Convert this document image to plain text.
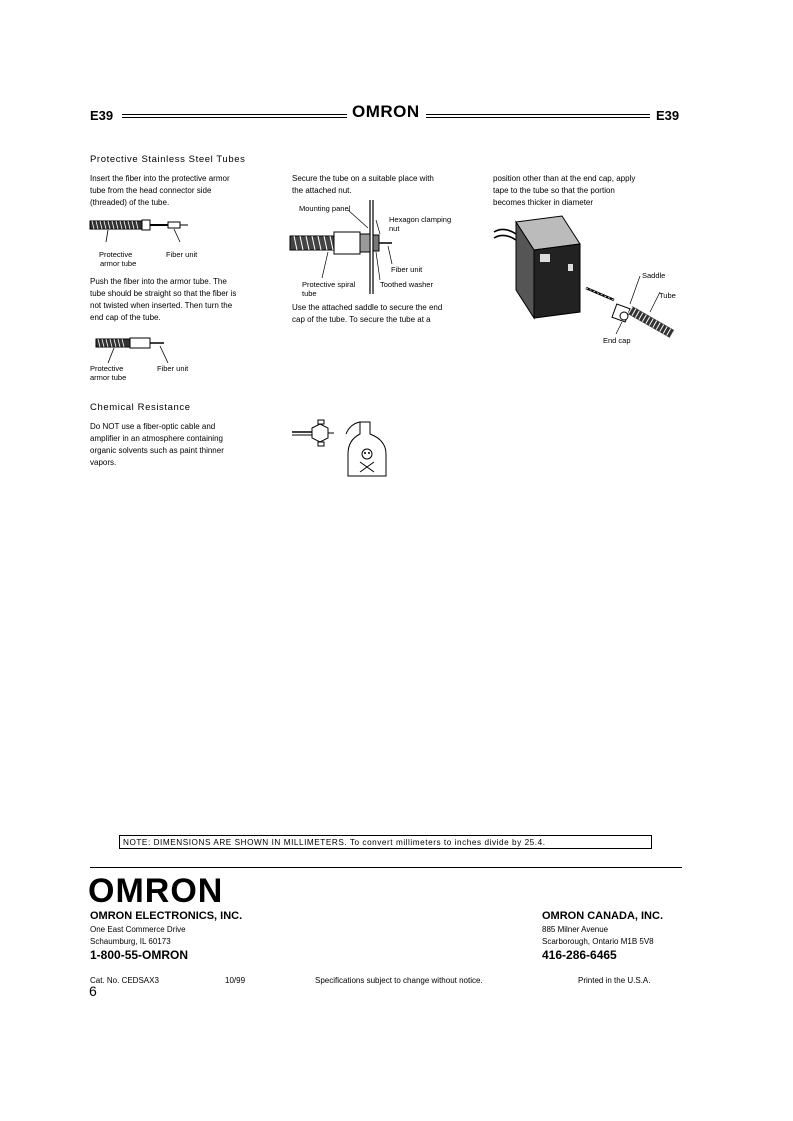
E39	OMRON	E39
Protective Stainless Steel Tubes
Insert the fiber into the protective armor
tube from the head connector side
(threaded) of the tube.
Protective
armor tube
Fiber unit
Push the fiber into the armor tube. The
tube should be straight so that the fiber is
not twisted when inserted. Then turn the
end cap of the tube.
Protective
armor tube
Fiber unit
Secure the tube on a suitable place with
the attached nut.
Mounting panel
Hexagon clamping
nut
Fiber unit
Protective spiral
tube
Toothed washer
Use the attached saddle to secure the end
cap of the tube. To secure the tube at a
position other than at the end cap, apply
tape to the tube so that the portion
becomes thicker in diameter
Saddle
Tube
End cap
Chemical Resistance
Do NOT use a fiber-optic cable and
amplifier in an atmosphere containing
organic solvents such as paint thinner
vapors.
NOTE: DIMENSIONS ARE SHOWN IN MILLIMETERS. To convert millimeters to inches divide by 25.4.
OMRON
OMRON ELECTRONICS, INC.
One East Commerce Drive
Schaumburg, IL 60173
1-800-55-OMRON
OMRON CANADA, INC.
885 Milner Avenue
Scarborough, Ontario M1B 5V8
416-286-6465
Cat. No. CEDSAX3	10/99	Specifications subject to change without notice.	Printed in the U.S.A.
6
